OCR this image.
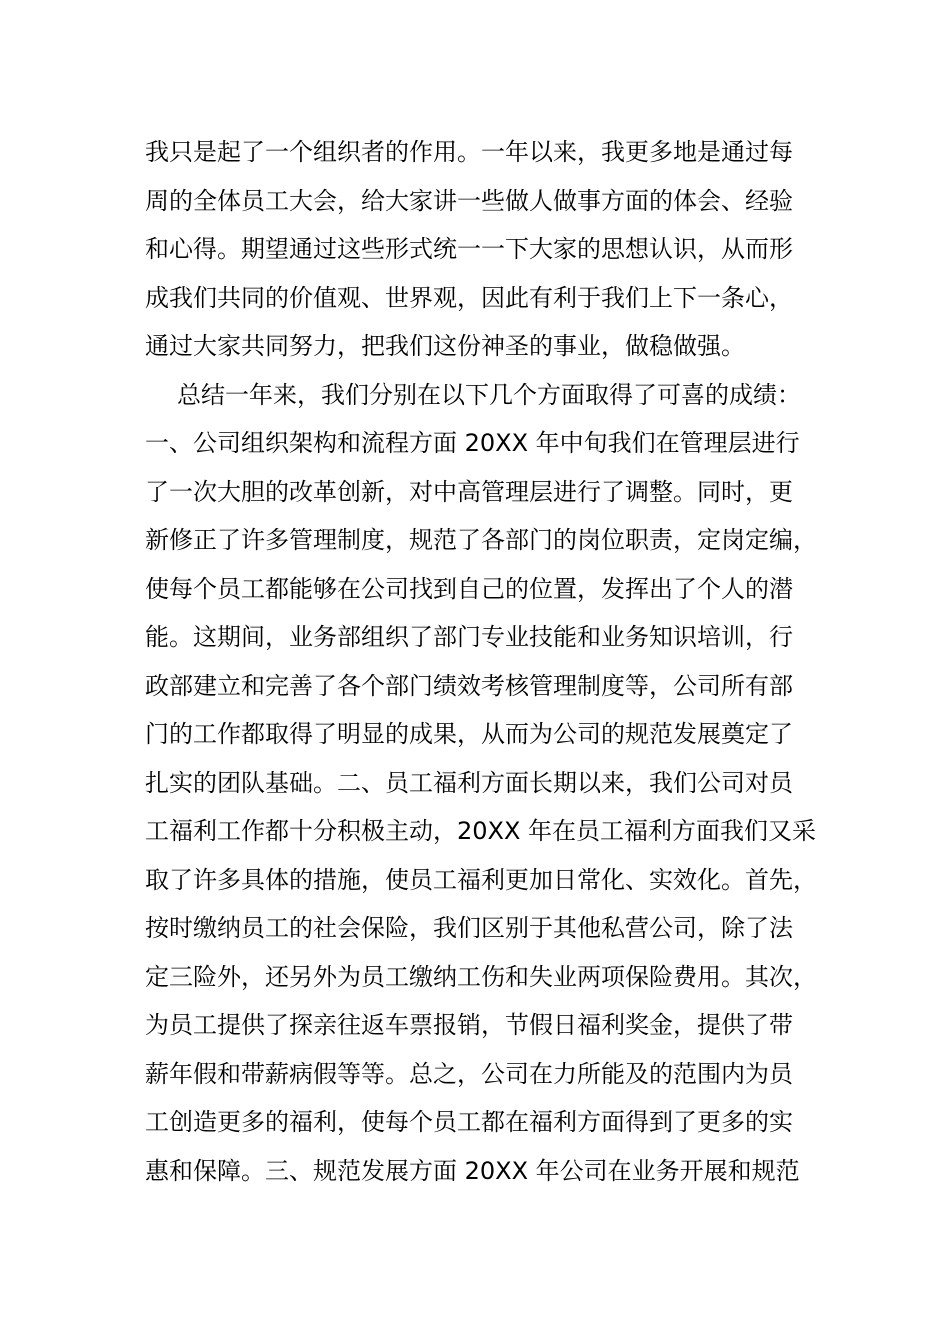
我只是起了一个组织者的作用。一年以来，我更多地是通过每
周的全体员工大会，给大家讲一些做人做事方面的体会、经验
和心得。期望通过这些形式统一一下大家的思想认识，从而形
成我们共同的价值观、世界观，因此有利于我们上下一条心，
通过大家共同努力，把我们这份神圣的事业，做稳做强。
总结一年来，我们分别在以下几个方面取得了可喜的成绩：
一、公司组织架构和流程方面 20XX 年中旬我们在管理层进行
了一次大胆的改革创新，对中高管理层进行了调整。同时，更
新修正了许多管理制度，规范了各部门的岗位职责，定岗定编，
使每个员工都能够在公司找到自己的位置，发挥出了个人的潜
能。这期间，业务部组织了部门专业技能和业务知识培训，行
政部建立和完善了各个部门绩效考核管理制度等，公司所有部
门的工作都取得了明显的成果，从而为公司的规范发展奠定了
扎实的团队基础。二、员工福利方面长期以来，我们公司对员
工福利工作都十分积极主动，20XX 年在员工福利方面我们又采
取了许多具体的措施，使员工福利更加日常化、实效化。首先，
按时缴纳员工的社会保险，我们区别于其他私营公司，除了法
定三险外，还另外为员工缴纳工伤和失业两项保险费用。其次，
为员工提供了探亲往返车票报销，节假日福利奖金，提供了带
薪年假和带薪病假等等。总之，公司在力所能及的范围内为员
工创造更多的福利，使每个员工都在福利方面得到了更多的实
惠和保障。三、规范发展方面 20XX 年公司在业务开展和规范
